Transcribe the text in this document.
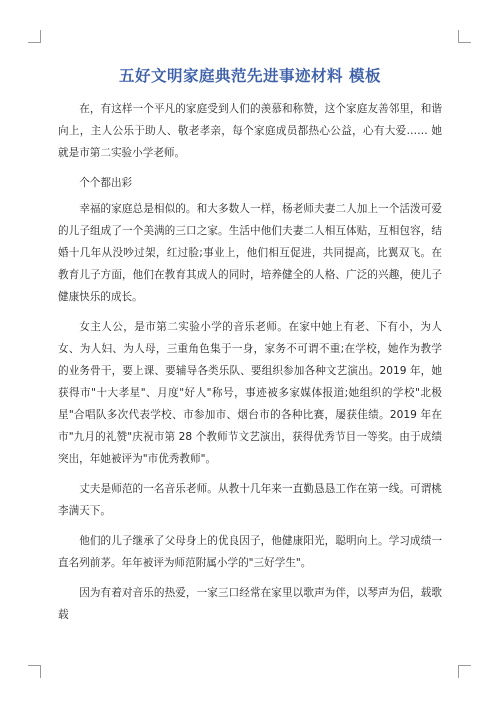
五好文明家庭典范先进事迹材料 模板

在，有这样一个平凡的家庭受到人们的羡慕和称赞，这个家庭友善邻里，和谐向上，主人公乐于助人、敬老孝亲，每个家庭成员都热心公益，心有大爱…… 她就是市第二实验小学老师。

个个都出彩

幸福的家庭总是相似的。和大多数人一样，杨老师夫妻二人加上一个活泼可爱的儿子组成了一个美满的三口之家。生活中他们夫妻二人相互体贴，互相包容，结婚十几年从没吵过架，红过脸;事业上，他们相互促进，共同提高，比翼双飞。在教育儿子方面，他们在教育其成人的同时，培养健全的人格、广泛的兴趣，使儿子健康快乐的成长。

女主人公，是市第二实验小学的音乐老师。在家中她上有老、下有小，为人女、为人妇、为人母，三重角色集于一身，家务不可谓不重;在学校，她作为教学的业务骨干，要上课、要辅导各类乐队、要组织参加各种文艺演出。2019 年，她获得市"十大孝星"、月度"好人"称号，事迹被多家媒体报道;她组织的学校"北极星"合唱队多次代表学校、市参加市、烟台市的各种比赛，屡获佳绩。2019 年在市"九月的礼赞"庆祝市第 28 个教师节文艺演出，获得优秀节目一等奖。由于成绩突出，年她被评为"市优秀教师"。

丈夫是师范的一名音乐老师。从教十几年来一直勤恳恳工作在第一线。可谓桃李满天下。

他们的儿子继承了父母身上的优良因子，他健康阳光，聪明向上。学习成绩一直名列前茅。年年被评为师范附属小学的"三好学生"。

因为有着对音乐的热爱，一家三口经常在家里以歌声为伴，以琴声为侣，载歌载
